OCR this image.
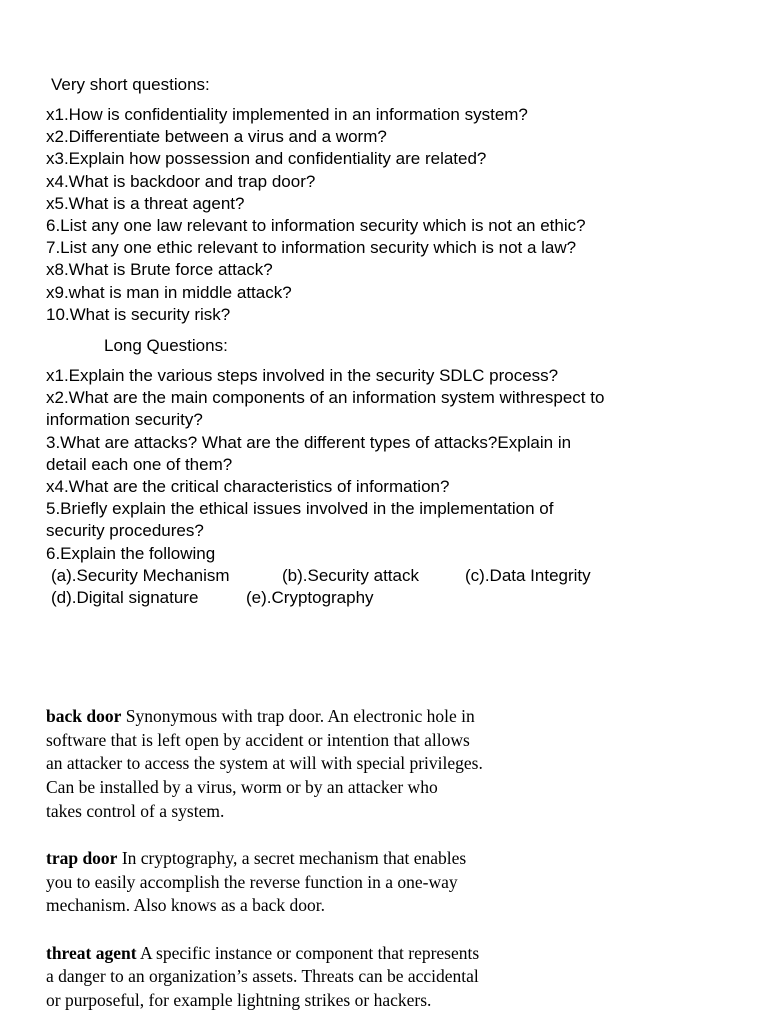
Very short questions:
x1.How is confidentiality implemented in an information system?
x2.Differentiate between a virus and a worm?
x3.Explain how possession and confidentiality are related?
x4.What is backdoor and trap door?
x5.What is a threat agent?
6.List any one law relevant to information security which is not an ethic?
7.List any one ethic relevant to information security which is not a law?
x8.What is Brute force attack?
x9.what is man in middle attack?
10.What is security risk?
Long Questions:
x1.Explain the various steps involved in the security SDLC process?
x2.What are the main components of an information system withrespect to
information security?
3.What are attacks? What are the different types of attacks?Explain in
detail each one of them?
x4.What are the critical characteristics of information?
5.Briefly explain the ethical issues involved in the implementation of
security procedures?
6.Explain the following
(a).Security Mechanism	(b).Security attack	(c).Data Integrity
(d).Digital signature	(e).Cryptography

back door Synonymous with trap door. An electronic hole in
software that is left open by accident or intention that allows
an attacker to access the system at will with special privileges.
Can be installed by a virus, worm or by an attacker who
takes control of a system.

trap door In cryptography, a secret mechanism that enables
you to easily accomplish the reverse function in a one-way
mechanism. Also knows as a back door.

threat agent A specific instance or component that represents
a danger to an organization’s assets. Threats can be accidental
or purposeful, for example lightning strikes or hackers.
